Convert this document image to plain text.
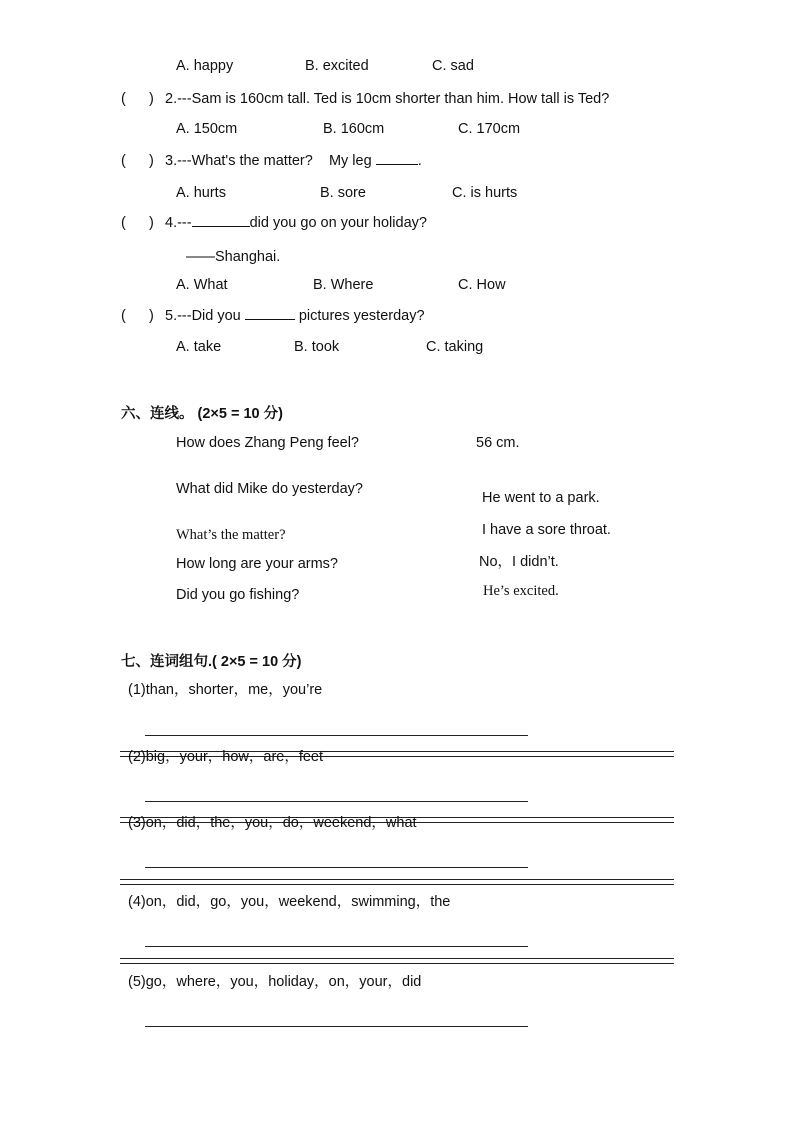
A. happy	B. excited	C. sad
( ) 2.---Sam is 160cm tall. Ted is 10cm shorter than him. How tall is Ted?
A. 150cm	B. 160cm	C. 170cm
( ) 3.---What's the matter? My leg	.
A. hurts	B. sore	C. is hurts
( ) 4.---	did you go on your holiday?
——Shanghai.
A. What	B. Where	C. How
( ) 5.---Did you	pictures yesterday?
A. take	B. took	C. taking
六、连线。 (2×5 = 10 分)
How does Zhang Peng feel?
What did Mike do yesterday?
What’s the matter?
How long are your arms?
Did you go fishing?
56 cm.
He went to a park.
I have a sore throat.
No，I didn’t.
He’s excited.
七、连词组句.( 2×5 = 10 分)
(1)than，shorter，me，you’re
(2)big，your，how，are，feet
(3)on，did，the，you，do，weekend，what
(4)on，did，go，you，weekend，swimming，the
(5)go，where，you，holiday，on，your，did
